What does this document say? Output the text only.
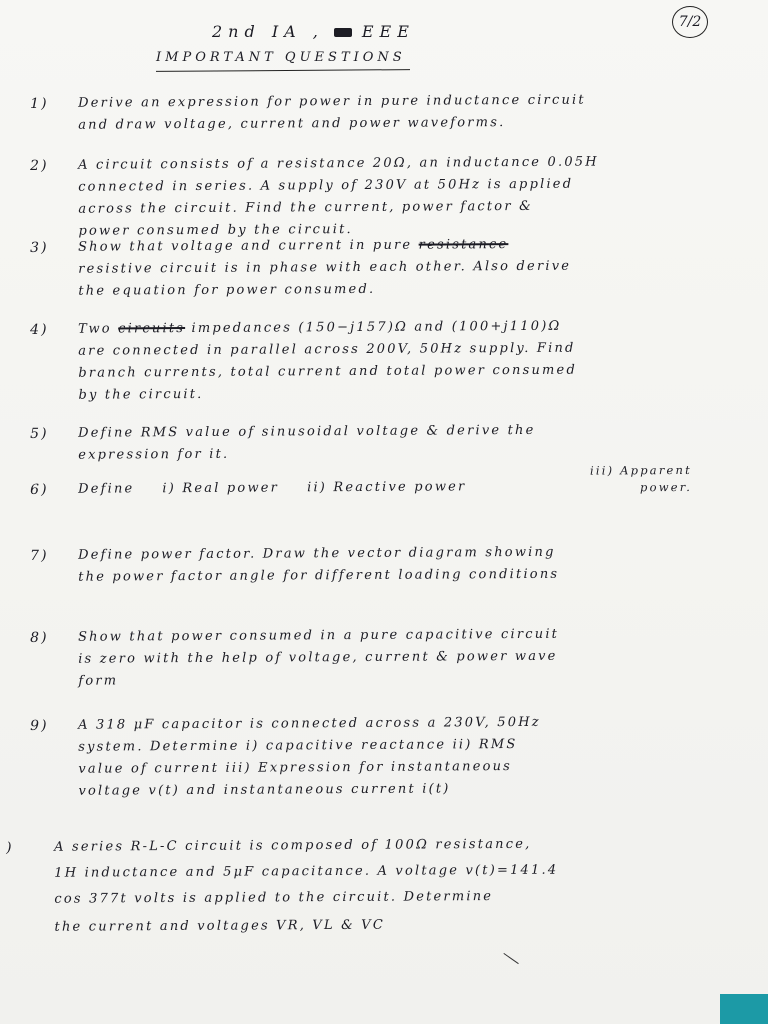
7/2
2nd IA , EEE
IMPORTANT QUESTIONS
1)	Derive an expression for power in pure inductance circuit
and draw voltage, current and power waveforms.
2)	A circuit consists of a resistance 20Ω, an inductance 0.05H
connected in series. A supply of 230V at 50Hz is applied
across the circuit. Find the current, power factor &
power consumed by the circuit.
3)	Show that voltage and current in pure resistance
resistive circuit is in phase with each other. Also derive
the equation for power consumed.
4)	Two circuits impedances (150−j157)Ω and (100+j110)Ω
are connected in parallel across 200V, 50Hz supply. Find
branch currents, total current and total power consumed
by the circuit.
5)	Define RMS value of sinusoidal voltage & derive the
expression for it.
6)	Define i) Real power ii) Reactive power
iii) Apparent
power.
7)	Define power factor. Draw the vector diagram showing
the power factor angle for different loading conditions
8)	Show that power consumed in a pure capacitive circuit
is zero with the help of voltage, current & power wave
form
9)	A 318 μF capacitor is connected across a 230V, 50Hz
system. Determine i) capacitive reactance ii) RMS
value of current iii) Expression for instantaneous
voltage v(t) and instantaneous current i(t)
)	A series R-L-C circuit is composed of 100Ω resistance,
1H inductance and 5μF capacitance. A voltage v(t)=141.4
cos 377t volts is applied to the circuit. Determine
the current and voltages VR, VL & VC
